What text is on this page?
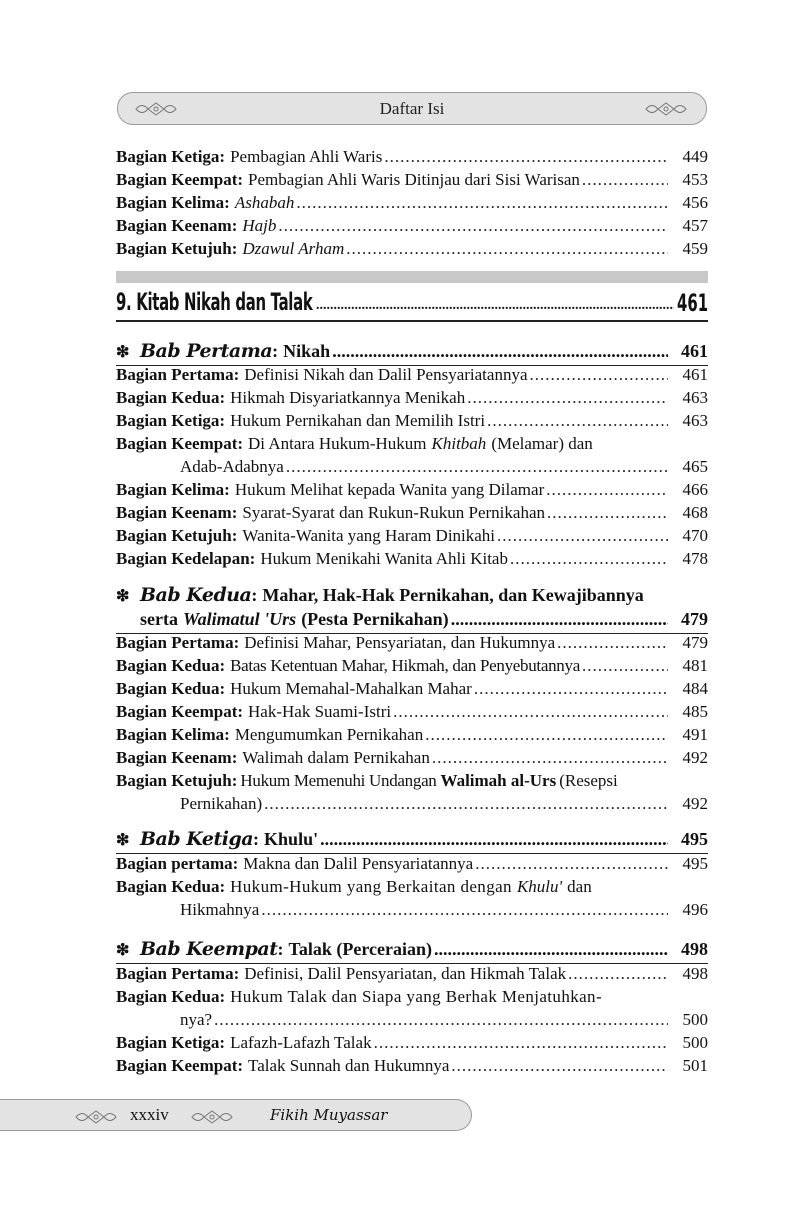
Daftar Isi
Bagian Ketiga: Pembagian Ahli Waris .....	449
Bagian Keempat: Pembagian Ahli Waris Ditinjau dari Sisi Warisan .....	453
Bagian Kelima: Ashabah .....	456
Bagian Keenam: Hajb .....	457
Bagian Ketujuh: Dzawul Arham .....	459
9. Kitab Nikah dan Talak .....	461
❇ Bab Pertama : Nikah .....	461
Bagian Pertama: Definisi Nikah dan Dalil Pensyariatannya .....	461
Bagian Kedua: Hikmah Disyariatkannya Menikah .....	463
Bagian Ketiga: Hukum Pernikahan dan Memilih Istri .....	463
Bagian Keempat: Di Antara Hukum-Hukum Khitbah (Melamar) dan
Adab-Adabnya .....	465
Bagian Kelima: Hukum Melihat kepada Wanita yang Dilamar .....	466
Bagian Keenam: Syarat-Syarat dan Rukun-Rukun Pernikahan .....	468
Bagian Ketujuh: Wanita-Wanita yang Haram Dinikahi .....	470
Bagian Kedelapan: Hukum Menikahi Wanita Ahli Kitab .....	478
❇ Bab Kedua : Mahar, Hak-Hak Pernikahan, dan Kewajibannya
serta Walimatul 'Urs (Pesta Pernikahan) .....	479
Bagian Pertama: Definisi Mahar, Pensyariatan, dan Hukumnya .....	479
Bagian Kedua: Batas Ketentuan Mahar, Hikmah, dan Penyebutannya .....	481
Bagian Kedua: Hukum Memahal-Mahalkan Mahar .....	484
Bagian Keempat: Hak-Hak Suami-Istri .....	485
Bagian Kelima: Mengumumkan Pernikahan .....	491
Bagian Keenam: Walimah dalam Pernikahan .....	492
Bagian Ketujuh: Hukum Memenuhi Undangan Walimah al-Urs (Resepsi
Pernikahan) .....	492
❇ Bab Ketiga : Khulu' .....	495
Bagian pertama: Makna dan Dalil Pensyariatannya .....	495
Bagian Kedua: Hukum-Hukum yang Berkaitan dengan Khulu' dan
Hikmahnya .....	496
❇ Bab Keempat : Talak (Perceraian) .....	498
Bagian Pertama: Definisi, Dalil Pensyariatan, dan Hikmah Talak .....	498
Bagian Kedua: Hukum Talak dan Siapa yang Berhak Menjatuhkan-
nya? .....	500
Bagian Ketiga: Lafazh-Lafazh Talak .....	500
Bagian Keempat: Talak Sunnah dan Hukumnya .....	501
xxxiv	Fikih Muyassar
